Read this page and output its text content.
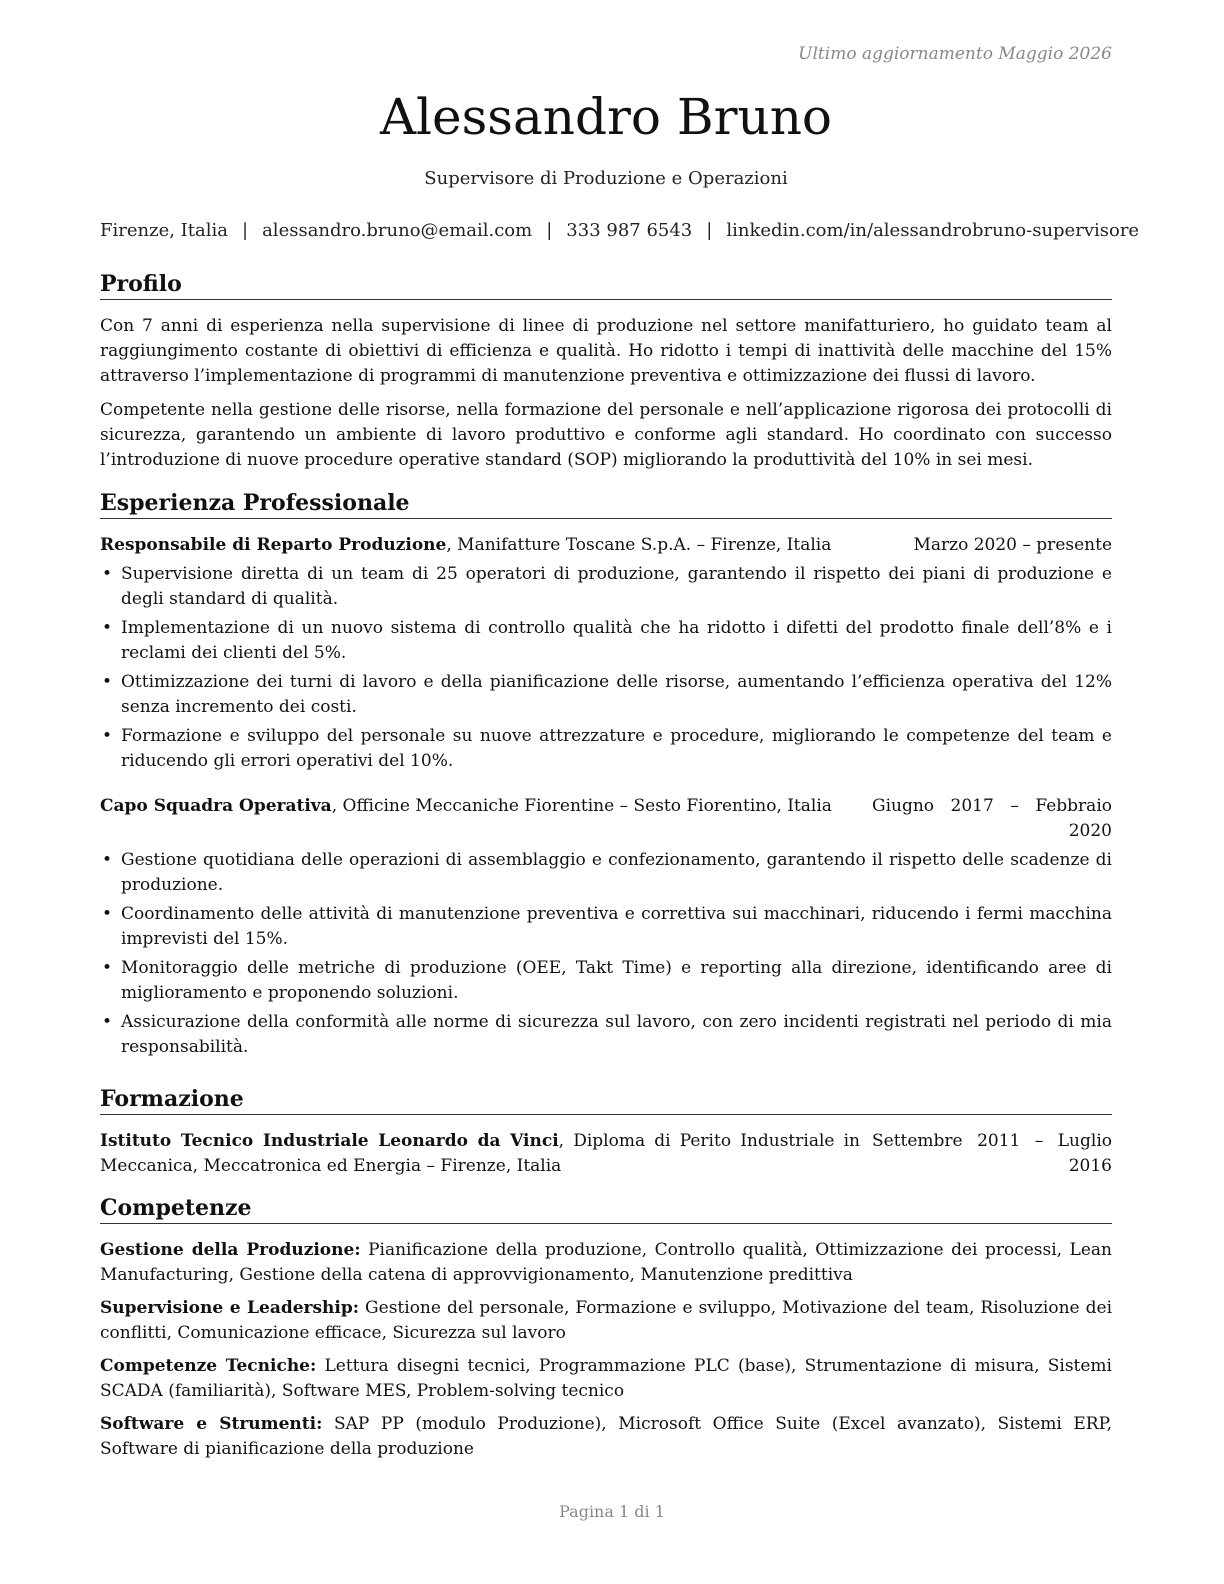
Ultimo aggiornamento Maggio 2026
Alessandro Bruno
Supervisore di Produzione e Operazioni
Firenze, Italia | alessandro.bruno@email.com | 333 987 6543 | linkedin.com/in/alessandrobruno-supervisore
Profilo

Con 7 anni di esperienza nella supervisione di linee di produzione nel settore manifatturiero, ho guidato team al raggiungimento costante di obiettivi di efficienza e qualità. Ho ridotto i tempi di inattività delle macchine del 15% attraverso l’implementazione di programmi di manutenzione preventiva e ottimizzazione dei flussi di lavoro.

Competente nella gestione delle risorse, nella formazione del personale e nell’applicazione rigorosa dei protocolli di sicurezza, garantendo un ambiente di lavoro produttivo e conforme agli standard. Ho coordinato con successo l’introduzione di nuove procedure operative standard (SOP) migliorando la produttività del 10% in sei mesi.

Esperienza Professionale
Responsabile di Reparto Produzione, Manifatture Toscane S.p.A. – Firenze, Italia	Marzo 2020 – presente
• Supervisione diretta di un team di 25 operatori di produzione, garantendo il rispetto dei piani di produzione e degli standard di qualità.
• Implementazione di un nuovo sistema di controllo qualità che ha ridotto i difetti del prodotto finale dell’8% e i reclami dei clienti del 5%.
• Ottimizzazione dei turni di lavoro e della pianificazione delle risorse, aumentando l’efficienza operativa del 12% senza incremento dei costi.
• Formazione e sviluppo del personale su nuove attrezzature e procedure, migliorando le competenze del team e riducendo gli errori operativi del 10%.
Capo Squadra Operativa, Officine Meccaniche Fiorentine – Sesto Fiorentino, Italia Giugno 2017 – Febbraio 2020
• Gestione quotidiana delle operazioni di assemblaggio e confezionamento, garantendo il rispetto delle scadenze di produzione.
• Coordinamento delle attività di manutenzione preventiva e correttiva sui macchinari, riducendo i fermi macchina imprevisti del 15%.
• Monitoraggio delle metriche di produzione (OEE, Takt Time) e reporting alla direzione, identificando aree di miglioramento e proponendo soluzioni.
• Assicurazione della conformità alle norme di sicurezza sul lavoro, con zero incidenti registrati nel periodo di mia responsabilità.
Formazione
Istituto Tecnico Industriale Leonardo da Vinci, Diploma di Perito Industriale in Meccanica, Meccatronica ed Energia – Firenze, Italia
Settembre 2011 – Luglio 2016
Competenze

Gestione della Produzione: Pianificazione della produzione, Controllo qualità, Ottimizzazione dei processi, Lean Manufacturing, Gestione della catena di approvvigionamento, Manutenzione predittiva

Supervisione e Leadership: Gestione del personale, Formazione e sviluppo, Motivazione del team, Risoluzione dei conflitti, Comunicazione efficace, Sicurezza sul lavoro

Competenze Tecniche: Lettura disegni tecnici, Programmazione PLC (base), Strumentazione di misura, Sistemi SCADA (familiarità), Software MES, Problem-solving tecnico

Software e Strumenti: SAP PP (modulo Produzione), Microsoft Office Suite (Excel avanzato), Sistemi ERP, Software di pianificazione della produzione

Pagina 1 di 1
